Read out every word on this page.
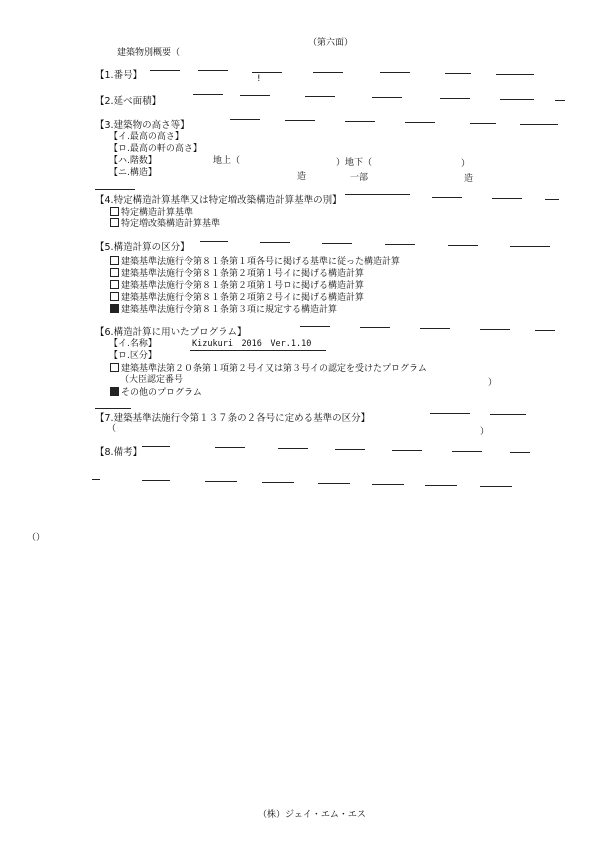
（第六面）
建築物別概要（
【1.番号】	!
【2.延べ面積】
【3.建築物の高さ等】
【イ.最高の高さ】
【ロ.最高の軒の高さ】
【ハ.階数】	地上（	） 地下（	）
【ニ.構造】	造	一部	造
【4.特定構造計算基準又は特定増改築構造計算基準の別】
特定構造計算基準
特定増改築構造計算基準
【5.構造計算の区分】
建築基準法施行令第８１条第１項各号に掲げる基準に従った構造計算
建築基準法施行令第８１条第２項第１号イに掲げる構造計算
建築基準法施行令第８１条第２項第１号ロに掲げる構造計算
建築基準法施行令第８１条第２項第２号イに掲げる構造計算
建築基準法施行令第８１条第３項に規定する構造計算
【6.構造計算に用いたプログラム】
【イ.名称】	Kizukuri　2016　Ver.1.10
【ロ.区分】
建築基準法第２０条第１項第２号イ又は第３号イの認定を受けたプログラム
（大臣認定番号	）
その他のプログラム
【7.建築基準法施行令第１３７条の２各号に定める基準の区分】
（	）
【8.備考】
（）
（株）ジェイ・エム・エス
